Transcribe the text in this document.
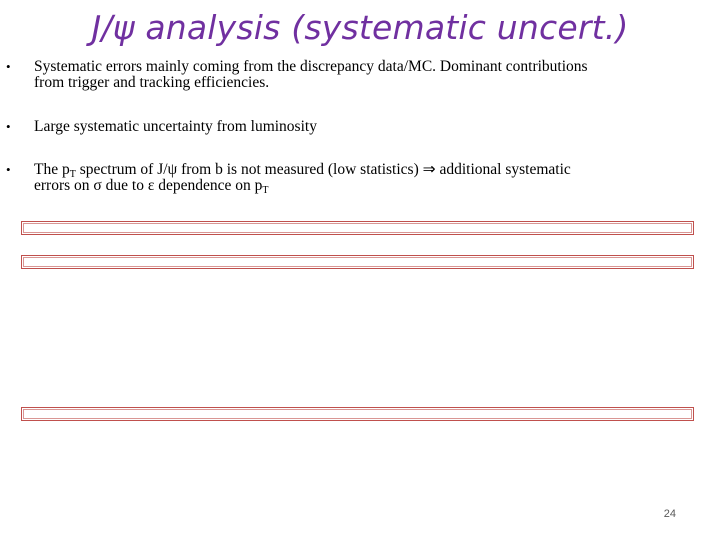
J/ψ analysis (systematic uncert.)
• Systematic errors mainly coming from the discrepancy data/MC. Dominant contributions
from trigger and tracking efficiencies.
• Large systematic uncertainty from luminosity
• The $p_T$ spectrum of J/ψ from b is not measured (low statistics) ⇒ additional systematic
errors on σ due to ε dependence on $p_T$
24
